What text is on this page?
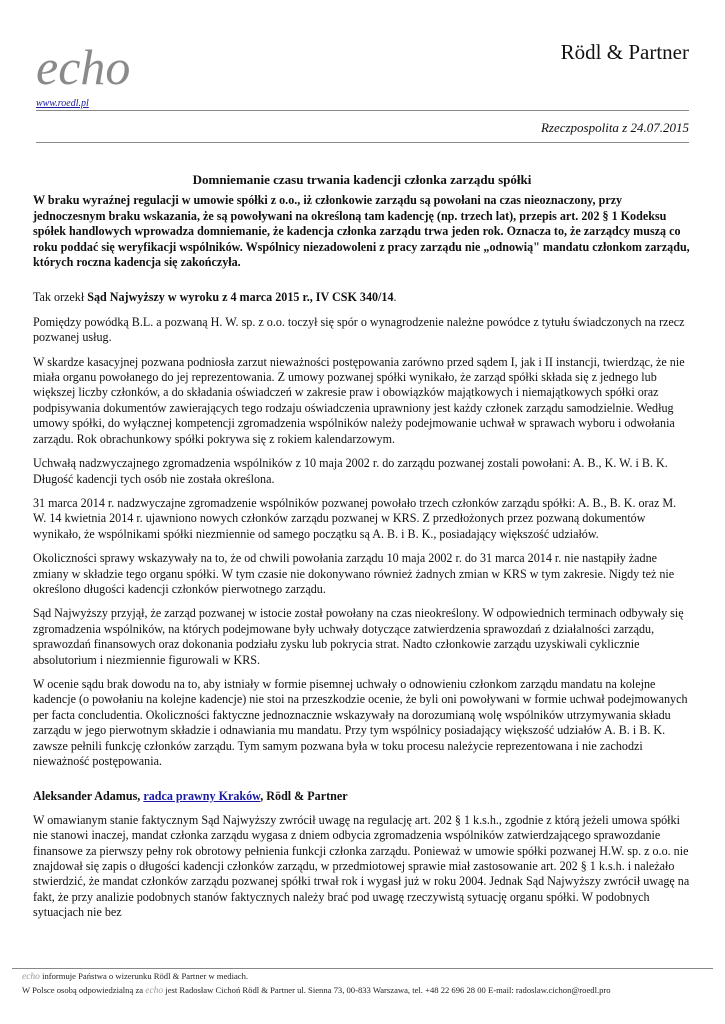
echo
www.roedl.pl
Rödl & Partner
Rzeczpospolita z 24.07.2015
Domniemanie czasu trwania kadencji członka zarządu spółki
W braku wyraźnej regulacji w umowie spółki z o.o., iż członkowie zarządu są powołani na czas nieoznaczony, przy jednoczesnym braku wskazania, że są powoływani na określoną tam kadencję (np. trzech lat), przepis art. 202 § 1 Kodeksu spółek handlowych wprowadza domniemanie, że kadencja członka zarządu trwa jeden rok. Oznacza to, że zarządcy muszą co roku poddać się weryfikacji wspólników. Wspólnicy niezadowoleni z pracy zarządu nie „odnowią" mandatu członkom zarządu, których roczna kadencja się zakończyła.
Tak orzekł Sąd Najwyższy w wyroku z 4 marca 2015 r., IV CSK 340/14.
Pomiędzy powódką B.L. a pozwaną H. W. sp. z o.o. toczył się spór o wynagrodzenie należne powódce z tytułu świadczonych na rzecz pozwanej usług.
W skardze kasacyjnej pozwana podniosła zarzut nieważności postępowania zarówno przed sądem I, jak i II instancji, twierdząc, że nie miała organu powołanego do jej reprezentowania. Z umowy pozwanej spółki wynikało, że zarząd spółki składa się z jednego lub większej liczby członków, a do składania oświadczeń w zakresie praw i obowiązków majątkowych i niemajątkowych spółki oraz podpisywania dokumentów zawierających tego rodzaju oświadczenia uprawniony jest każdy członek zarządu samodzielnie. Według umowy spółki, do wyłącznej kompetencji zgromadzenia wspólników należy podejmowanie uchwał w sprawach wyboru i odwołania zarządu. Rok obrachunkowy spółki pokrywa się z rokiem kalendarzowym.
Uchwałą nadzwyczajnego zgromadzenia wspólników z 10 maja 2002 r. do zarządu pozwanej zostali powołani: A. B., K. W. i B. K. Długość kadencji tych osób nie została określona.
31 marca 2014 r. nadzwyczajne zgromadzenie wspólników pozwanej powołało trzech członków zarządu spółki: A. B., B. K. oraz M. W. 14 kwietnia 2014 r. ujawniono nowych członków zarządu pozwanej w KRS. Z przedłożonych przez pozwaną dokumentów wynikało, że wspólnikami spółki niezmiennie od samego początku są A. B. i B. K., posiadający większość udziałów.
Okoliczności sprawy wskazywały na to, że od chwili powołania zarządu 10 maja 2002 r. do 31 marca 2014 r. nie nastąpiły żadne zmiany w składzie tego organu spółki. W tym czasie nie dokonywano również żadnych zmian w KRS w tym zakresie. Nigdy też nie określono długości kadencji członków pierwotnego zarządu.
Sąd Najwyższy przyjął, że zarząd pozwanej w istocie został powołany na czas nieokreślony. W odpowiednich terminach odbywały się zgromadzenia wspólników, na których podejmowane były uchwały dotyczące zatwierdzenia sprawozdań z działalności zarządu, sprawozdań finansowych oraz dokonania podziału zysku lub pokrycia strat. Nadto członkowie zarządu uzyskiwali cyklicznie absolutorium i niezmiennie figurowali w KRS.
W ocenie sądu brak dowodu na to, aby istniały w formie pisemnej uchwały o odnowieniu członkom zarządu mandatu na kolejne kadencje (o powołaniu na kolejne kadencje) nie stoi na przeszkodzie ocenie, że byli oni powoływani w formie uchwał podejmowanych per facta concludentia. Okoliczności faktyczne jednoznacznie wskazywały na dorozumianą wolę wspólników utrzymywania składu zarządu w jego pierwotnym składzie i odnawiania mu mandatu. Przy tym wspólnicy posiadający większość udziałów A. B. i B. K. zawsze pełnili funkcję członków zarządu. Tym samym pozwana była w toku procesu należycie reprezentowana i nie zachodzi nieważność postępowania.
Aleksander Adamus, radca prawny Kraków, Rödl & Partner
W omawianym stanie faktycznym Sąd Najwyższy zwrócił uwagę na regulację art. 202 § 1 k.s.h., zgodnie z którą jeżeli umowa spółki nie stanowi inaczej, mandat członka zarządu wygasa z dniem odbycia zgromadzenia wspólników zatwierdzającego sprawozdanie finansowe za pierwszy pełny rok obrotowy pełnienia funkcji członka zarządu. Ponieważ w umowie spółki pozwanej H.W. sp. z o.o. nie znajdował się zapis o długości kadencji członków zarządu, w przedmiotowej sprawie miał zastosowanie art. 202 § 1 k.s.h. i należało stwierdzić, że mandat członków zarządu pozwanej spółki trwał rok i wygasł już w roku 2004. Jednak Sąd Najwyższy zwrócił uwagę na fakt, że przy analizie podobnych stanów faktycznych należy brać pod uwagę rzeczywistą sytuację organu spółki. W podobnych sytuacjach nie bez
echo informuje Państwa o wizerunku Rödl & Partner w mediach.
W Polsce osobą odpowiedzialną za echo jest Radosław Cichoń Rödl & Partner ul. Sienna 73, 00-833 Warszawa, tel. +48 22 696 28 00 E-mail: radoslaw.cichon@roedl.pro
